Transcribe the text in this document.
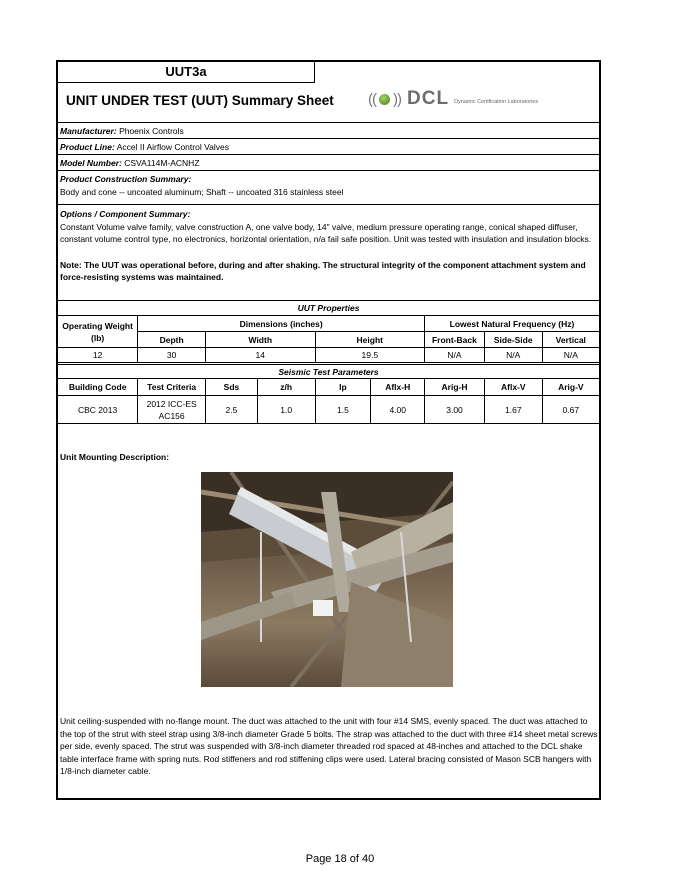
UUT3a
UNIT UNDER TEST (UUT) Summary Sheet (( )) DCL Dynamic Certification Laboratories
Manufacturer: Phoenix Controls
Product Line: Accel II Airflow Control Valves
Model Number: CSVA114M-ACNHZ
Product Construction Summary:
Body and cone -- uncoated aluminum; Shaft -- uncoated 316 stainless steel
Options / Component Summary:
Constant Volume valve family, valve construction A, one valve body, 14" valve, medium pressure operating range, conical shaped diffuser, constant volume control type, no electronics, horizontal orientation, n/a fail safe position. Unit was tested with insulation and insulation blocks.
Note: The UUT was operational before, during and after shaking. The structural integrity of the component attachment system and force-resisting systems was maintained.
UUT Properties						
Operating Weight (lb)	Dimensions (inches)			Lowest Natural Frequency (Hz)		
	Depth	Width	Height	Front-Back	Side-Side	Vertical
12	30	14	19.5	N/A	N/A	N/A
Seismic Test Parameters								
Building Code	Test Criteria	Sds	z/h	Ip	Aflx-H	Arig-H	Aflx-V	Arig-V
CBC 2013	2012 ICC-ES AC156	2.5	1.0	1.5	4.00	3.00	1.67	0.67
Unit Mounting Description:
Unit ceiling-suspended with no-flange mount. The duct was attached to the unit with four #14 SMS, evenly spaced. The duct was attached to the top of the strut with steel strap using 3/8-inch diameter Grade 5 bolts. The strap was attached to the duct with three #14 sheet metal screws per side, evenly spaced. The strut was suspended with 3/8-inch diameter threaded rod spaced at 48-inches and attached to the DCL shake table interface frame with spring nuts. Rod stiffeners and rod stiffening clips were used. Lateral bracing consisted of Mason SCB hangers with 1/8-inch diameter cable.
Page 18 of 40
